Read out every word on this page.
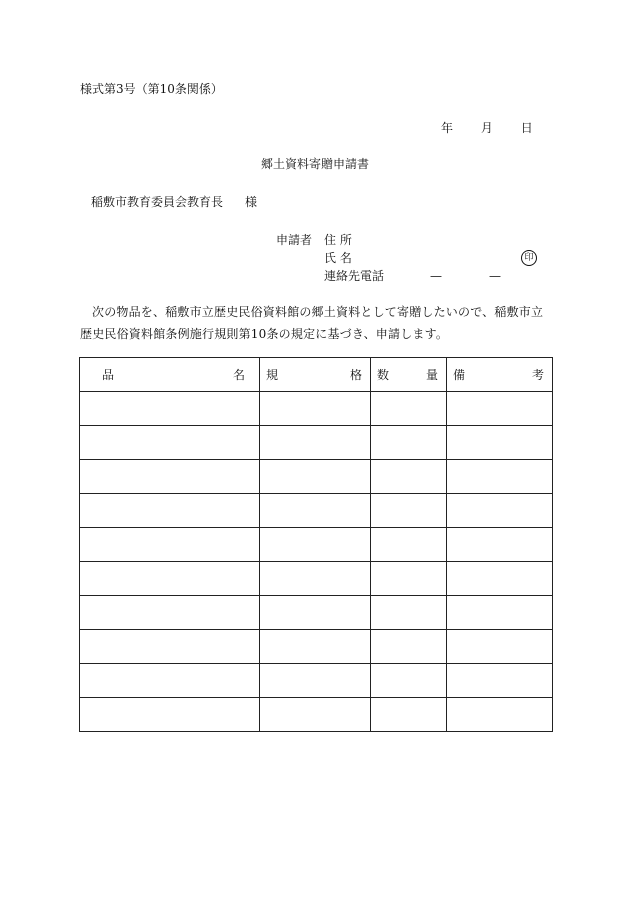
様式第3号（第10条関係）
年 月 日
郷土資料寄贈申請書
稲敷市教育委員会教育長 様
申請者 住 所
氏 名	印
連絡先電話	—	—
次の物品を、稲敷市立歴史民俗資料館の郷土資料として寄贈したいので、稲敷市立歴史民俗資料館条例施行規則第10条の規定に基づき、申請します。
品 名	規 格	数 量	備 考
